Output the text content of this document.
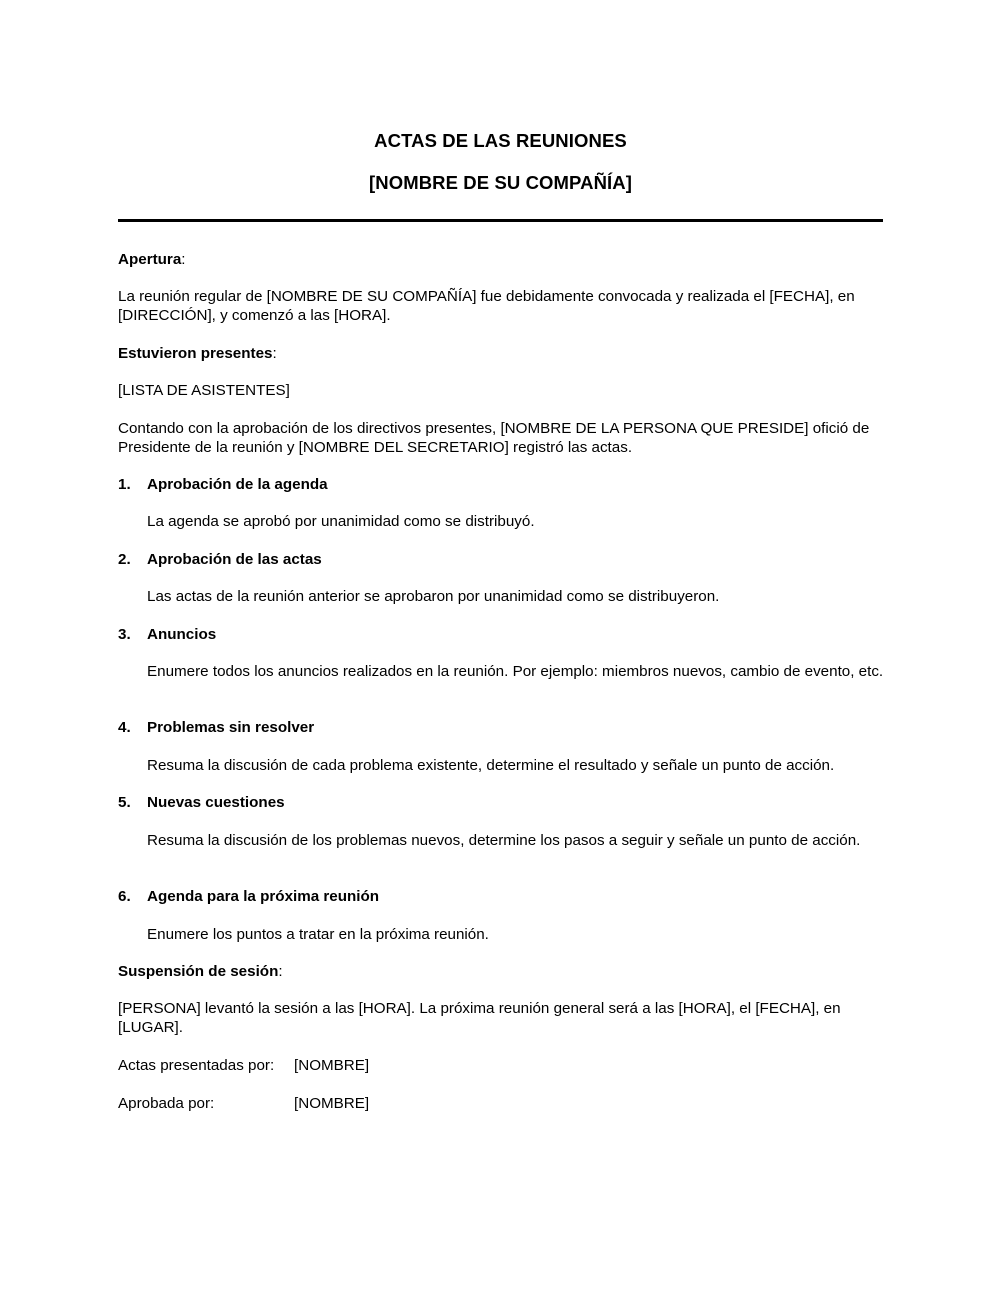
ACTAS DE LAS REUNIONES
[NOMBRE DE SU COMPAÑÍA]
Apertura:
La reunión regular de [NOMBRE DE SU COMPAÑÍA] fue debidamente convocada y realizada el [FECHA], en [DIRECCIÓN], y comenzó a las [HORA].
Estuvieron presentes:
[LISTA DE ASISTENTES]
Contando con la aprobación de los directivos presentes, [NOMBRE DE LA PERSONA QUE PRESIDE] ofició de Presidente de la reunión y [NOMBRE DEL SECRETARIO] registró las actas.
1. Aprobación de la agenda
La agenda se aprobó por unanimidad como se distribuyó.
2. Aprobación de las actas
Las actas de la reunión anterior se aprobaron por unanimidad como se distribuyeron.
3. Anuncios
Enumere todos los anuncios realizados en la reunión. Por ejemplo: miembros nuevos, cambio de evento, etc.
4. Problemas sin resolver
Resuma la discusión de cada problema existente, determine el resultado y señale un punto de acción.
5. Nuevas cuestiones
Resuma la discusión de los problemas nuevos, determine los pasos a seguir y señale un punto de acción.
6. Agenda para la próxima reunión
Enumere los puntos a tratar en la próxima reunión.
Suspensión de sesión:
[PERSONA] levantó la sesión a las [HORA]. La próxima reunión general será a las [HORA], el [FECHA], en [LUGAR].
Actas presentadas por: [NOMBRE]
Aprobada por:	[NOMBRE]
